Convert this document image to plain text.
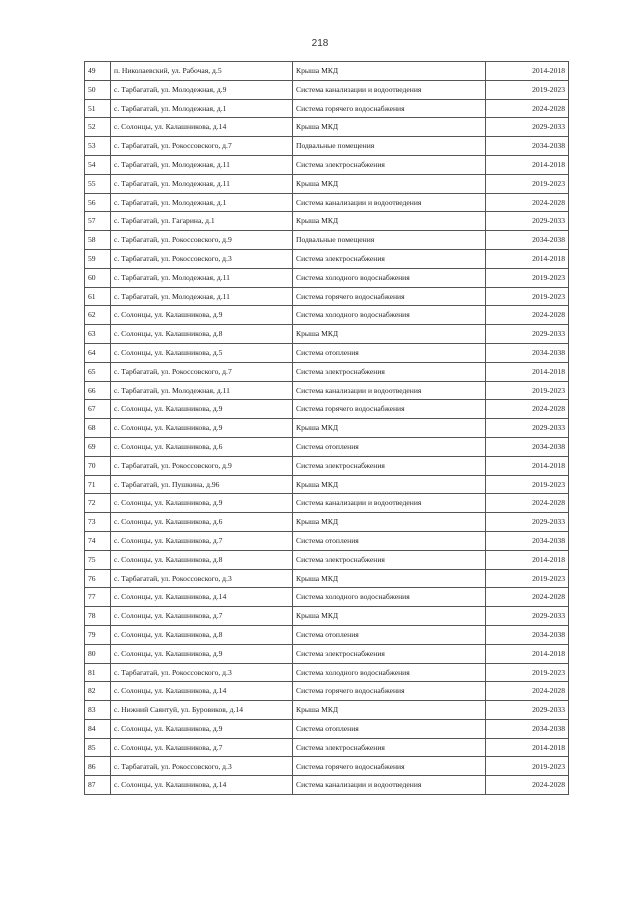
218
49	п. Николаевский, ул. Рабочая, д.5	Крыша МКД	2014-2018
50	с. Тарбагатай, ул. Молодежная, д.9	Система канализации и водоотведения	2019-2023
51	с. Тарбагатай, ул. Молодежная, д.1	Система горячего водоснабжения	2024-2028
52	с. Солонцы, ул. Калашникова, д.14	Крыша МКД	2029-2033
53	с. Тарбагатай, ул. Рокоссовского, д.7	Подвальные помещения	2034-2038
54	с. Тарбагатай, ул. Молодежная, д.11	Система электроснабжения	2014-2018
55	с. Тарбагатай, ул. Молодежная, д.11	Крыша МКД	2019-2023
56	с. Тарбагатай, ул. Молодежная, д.1	Система канализации и водоотведения	2024-2028
57	с. Тарбагатай, ул. Гагарина, д.1	Крыша МКД	2029-2033
58	с. Тарбагатай, ул. Рокоссовского, д.9	Подвальные помещения	2034-2038
59	с. Тарбагатай, ул. Рокоссовского, д.3	Система электроснабжения	2014-2018
60	с. Тарбагатай, ул. Молодежная, д.11	Система холодного водоснабжения	2019-2023
61	с. Тарбагатай, ул. Молодежная, д.11	Система горячего водоснабжения	2019-2023
62	с. Солонцы, ул. Калашникова, д.9	Система холодного водоснабжения	2024-2028
63	с. Солонцы, ул. Калашникова, д.8	Крыша МКД	2029-2033
64	с. Солонцы, ул. Калашникова, д.5	Система отопления	2034-2038
65	с. Тарбагатай, ул. Рокоссовского, д.7	Система электроснабжения	2014-2018
66	с. Тарбагатай, ул. Молодежная, д.11	Система канализации и водоотведения	2019-2023
67	с. Солонцы, ул. Калашникова, д.9	Система горячего водоснабжения	2024-2028
68	с. Солонцы, ул. Калашникова, д.9	Крыша МКД	2029-2033
69	с. Солонцы, ул. Калашникова, д.6	Система отопления	2034-2038
70	с. Тарбагатай, ул. Рокоссовского, д.9	Система электроснабжения	2014-2018
71	с. Тарбагатай, ул. Пушкина, д.96	Крыша МКД	2019-2023
72	с. Солонцы, ул. Калашникова, д.9	Система канализации и водоотведения	2024-2028
73	с. Солонцы, ул. Калашникова, д.6	Крыша МКД	2029-2033
74	с. Солонцы, ул. Калашникова, д.7	Система отопления	2034-2038
75	с. Солонцы, ул. Калашникова, д.8	Система электроснабжения	2014-2018
76	с. Тарбагатай, ул. Рокоссовского, д.3	Крыша МКД	2019-2023
77	с. Солонцы, ул. Калашникова, д.14	Система холодного водоснабжения	2024-2028
78	с. Солонцы, ул. Калашникова, д.7	Крыша МКД	2029-2033
79	с. Солонцы, ул. Калашникова, д.8	Система отопления	2034-2038
80	с. Солонцы, ул. Калашникова, д.9	Система электроснабжения	2014-2018
81	с. Тарбагатай, ул. Рокоссовского, д.3	Система холодного водоснабжения	2019-2023
82	с. Солонцы, ул. Калашникова, д.14	Система горячего водоснабжения	2024-2028
83	с. Нижний Саянтуй, ул. Буровиков, д.14	Крыша МКД	2029-2033
84	с. Солонцы, ул. Калашникова, д.9	Система отопления	2034-2038
85	с. Солонцы, ул. Калашникова, д.7	Система электроснабжения	2014-2018
86	с. Тарбагатай, ул. Рокоссовского, д.3	Система горячего водоснабжения	2019-2023
87	с. Солонцы, ул. Калашникова, д.14	Система канализации и водоотведения	2024-2028
